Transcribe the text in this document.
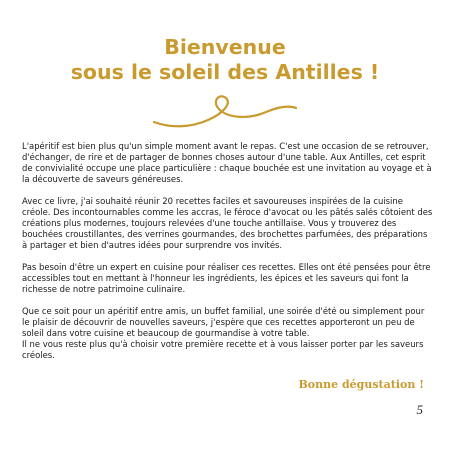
Bienvenue
sous le soleil des Antilles !

L'apéritif est bien plus qu'un simple moment avant le repas. C'est une occasion de se retrouver, d'échanger, de rire et de partager de bonnes choses autour d'une table. Aux Antilles, cet esprit de convivialité occupe une place particulière : chaque bouchée est une invitation au voyage et à la découverte de saveurs généreuses.

Avec ce livre, j'ai souhaité réunir 20 recettes faciles et savoureuses inspirées de la cuisine créole. Des incontournables comme les accras, le féroce d'avocat ou les pâtés salés côtoient des créations plus modernes, toujours relevées d'une touche antillaise. Vous y trouverez des bouchées croustillantes, des verrines gourmandes, des brochettes parfumées, des préparations à partager et bien d'autres idées pour surprendre vos invités.

Pas besoin d'être un expert en cuisine pour réaliser ces recettes. Elles ont été pensées pour être accessibles tout en mettant à l'honneur les ingrédients, les épices et les saveurs qui font la richesse de notre patrimoine culinaire.

Que ce soit pour un apéritif entre amis, un buffet familial, une soirée d'été ou simplement pour le plaisir de découvrir de nouvelles saveurs, j'espère que ces recettes apporteront un peu de soleil dans votre cuisine et beaucoup de gourmandise à votre table.

Il ne vous reste plus qu'à choisir votre première recette et à vous laisser porter par les saveurs créoles.

Bonne dégustation !

5
